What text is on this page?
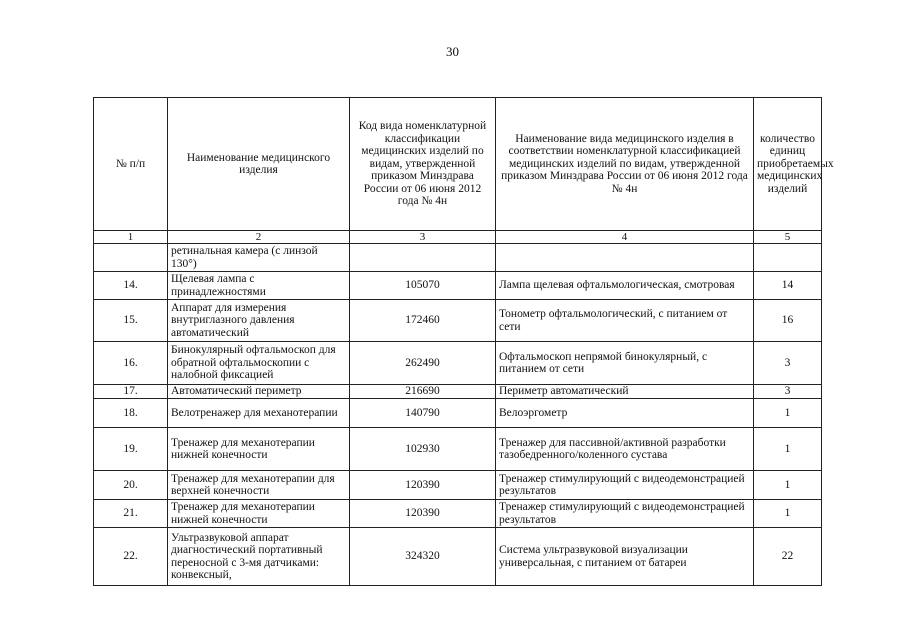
30
№ п/п	Наименование медицинского изделия	Код вида номенклатурной классификации медицинских изделий по видам, утвержденной приказом Минздрава России от 06 июня 2012 года № 4н	Наименование вида медицинского изделия в соответствии номенклатурной классификацией медицинских изделий по видам, утвержденной приказом Минздрава России от 06 июня 2012 года № 4н	количество единиц приобретаемых медицинских изделий
1	2	3	4	5
	ретинальная камера (с линзой 130°)			
14.	Щелевая лампа с принадлежностями	105070	Лампа щелевая офтальмологическая, смотровая	14
15.	Аппарат для измерения внутриглазного давления автоматический	172460	Тонометр офтальмологический, с питанием от сети	16
16.	Бинокулярный офтальмоскоп для обратной офтальмоскопии с налобной фиксацией	262490	Офтальмоскоп непрямой бинокулярный, с питанием от сети	3
17.	Автоматический периметр	216690	Периметр автоматический	3
18.	Велотренажер для механотерапии	140790	Велоэргометр	1
19.	Тренажер для механотерапии нижней конечности	102930	Тренажер для пассивной/активной разработки тазобедренного/коленного сустава	1
20.	Тренажер для механотерапии для верхней конечности	120390	Тренажер стимулирующий с видеодемонстрацией результатов	1
21.	Тренажер для механотерапии нижней конечности	120390	Тренажер стимулирующий с видеодемонстрацией результатов	1
22.	Ультразвуковой аппарат диагностический портативный переносной с 3-мя датчиками: конвексный,	324320	Система ультразвуковой визуализации универсальная, с питанием от батареи	22
